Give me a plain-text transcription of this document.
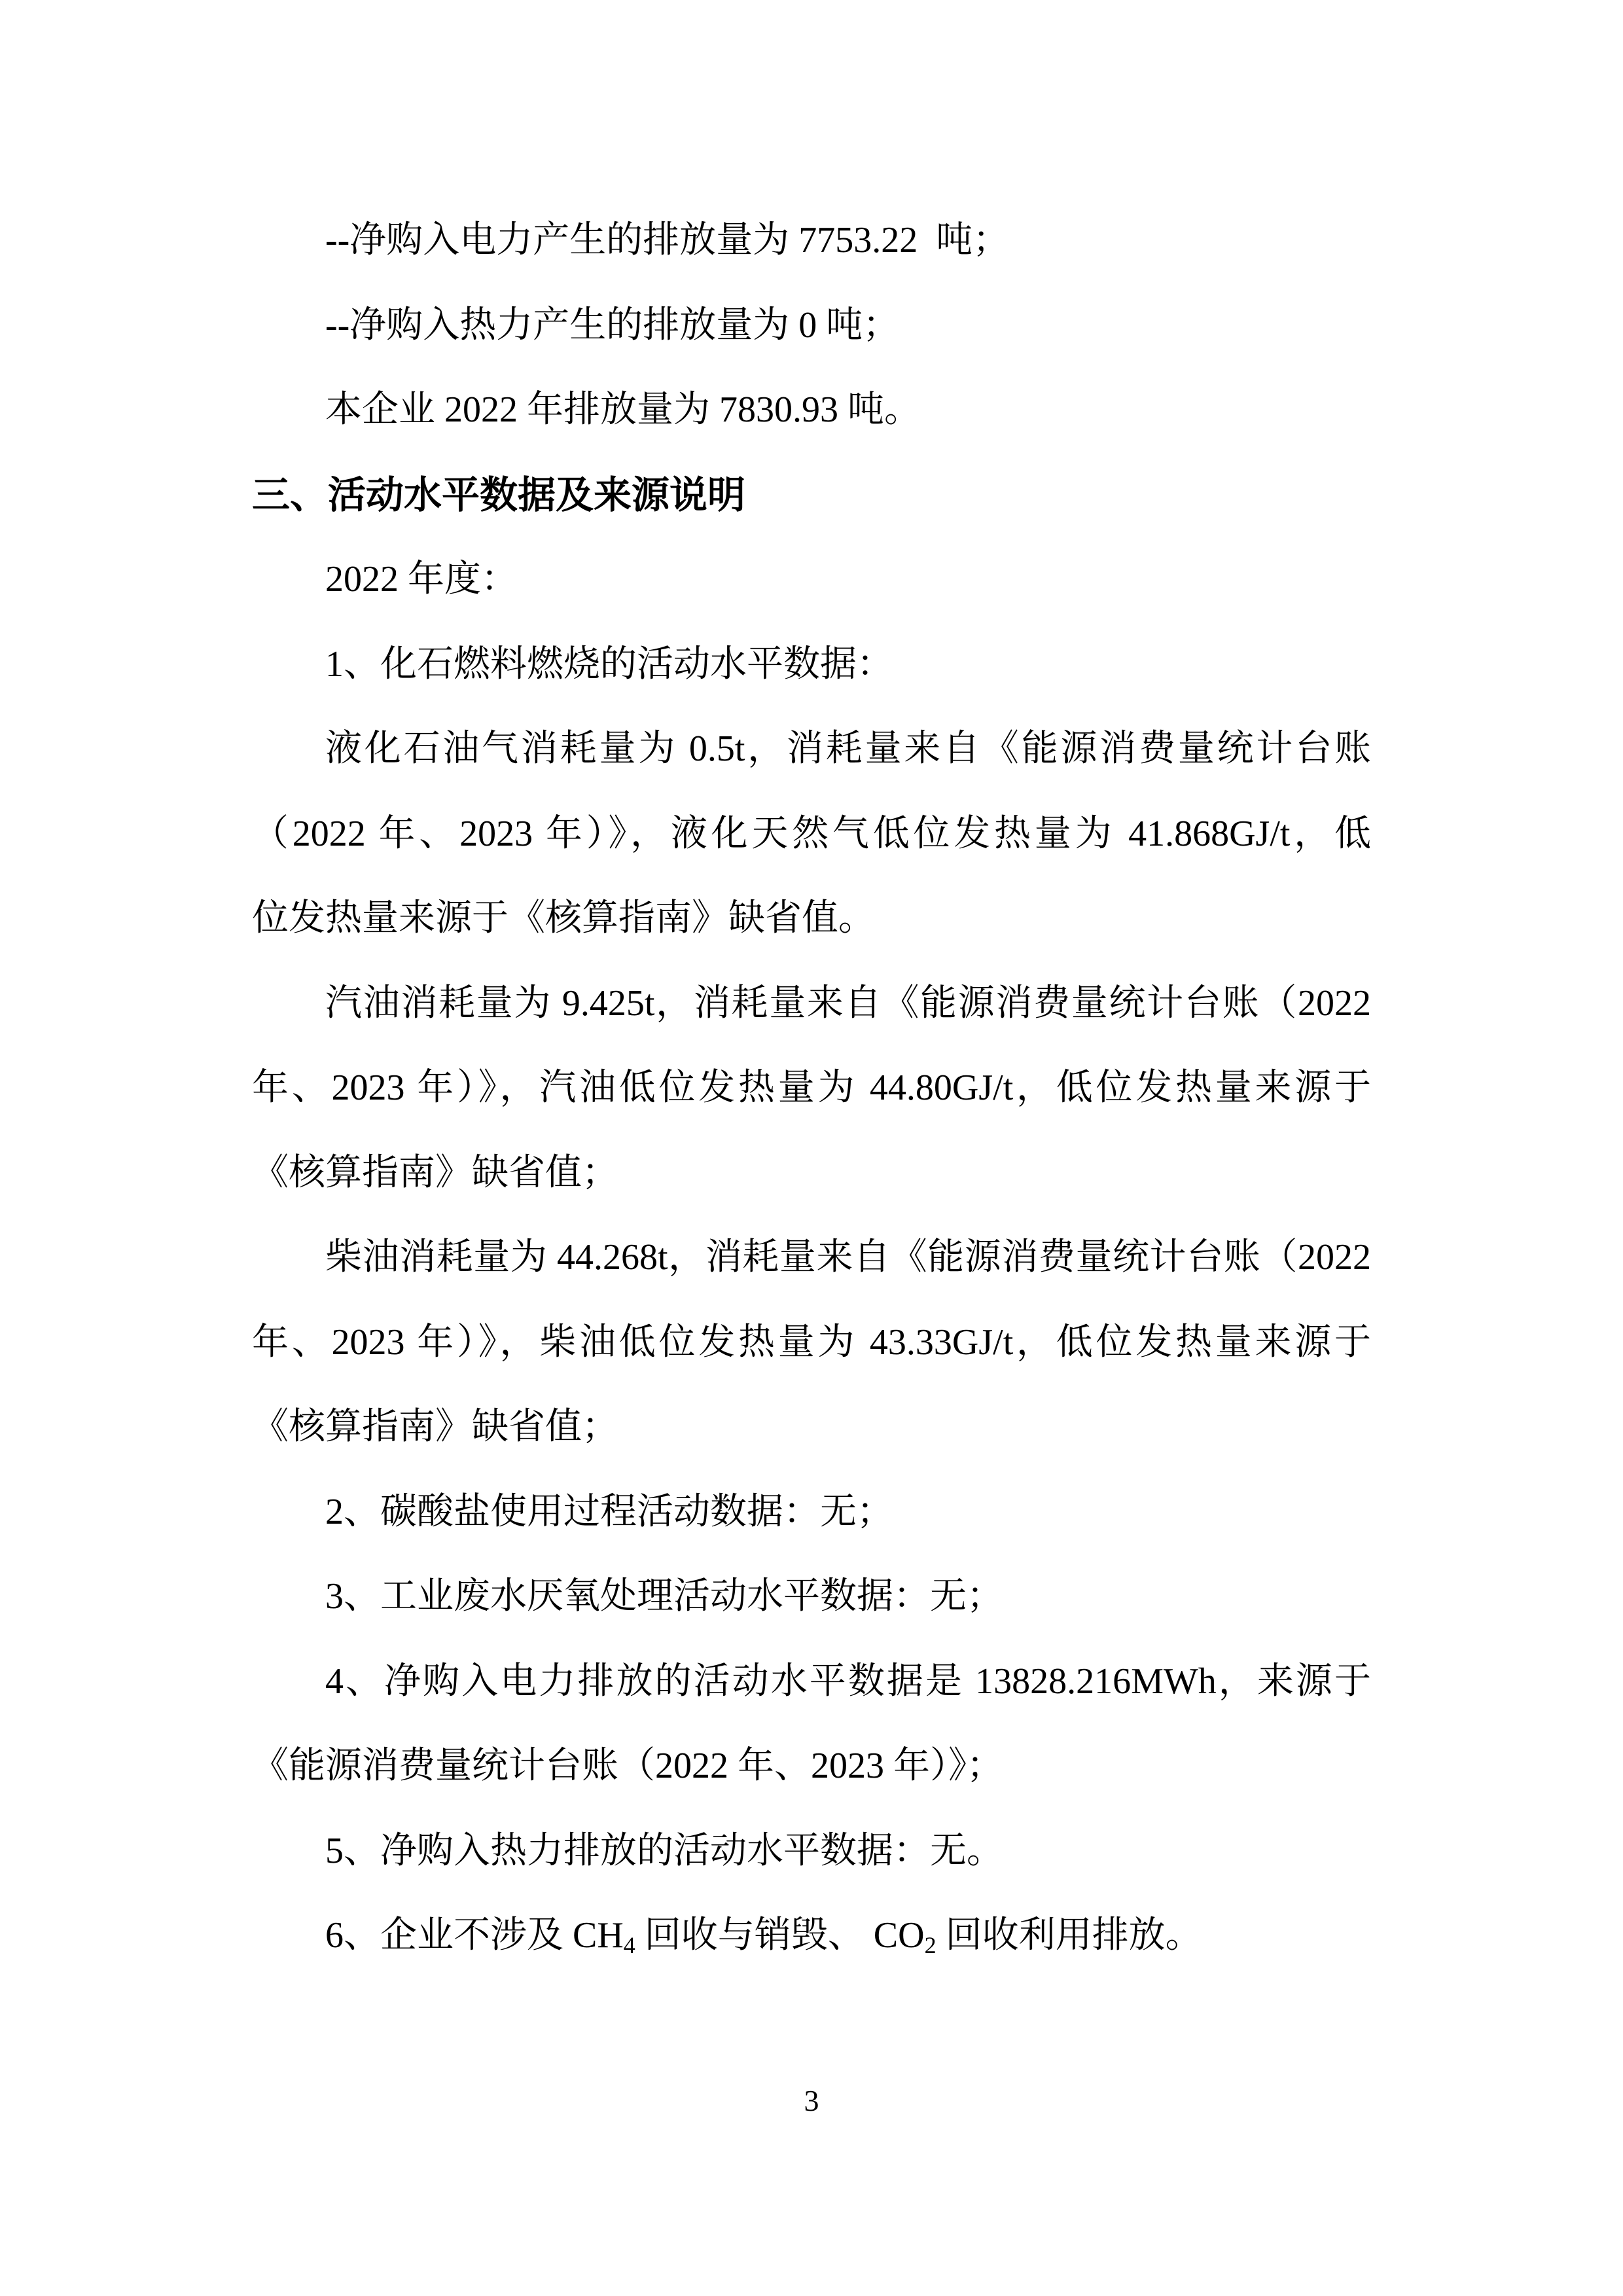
--净购入电力产生的排放量为 7753.22  吨；
--净购入热力产生的排放量为 0 吨；
本企业 2022 年排放量为 7830.93 吨。
三、活动水平数据及来源说明
2022 年度：
1、化石燃料燃烧的活动水平数据：
液化石油气消耗量为 0.5t，消耗量来自《能源消费量统计台账
（2022 年、2023 年）》，液化天然气低位发热量为 41.868GJ/t，低
位发热量来源于《核算指南》缺省值。
汽油消耗量为 9.425t，消耗量来自《能源消费量统计台账（2022
年、2023 年）》，汽油低位发热量为 44.80GJ/t，低位发热量来源于
《核算指南》缺省值；
柴油消耗量为 44.268t，消耗量来自《能源消费量统计台账（2022
年、2023 年）》，柴油低位发热量为 43.33GJ/t，低位发热量来源于
《核算指南》缺省值；
2、碳酸盐使用过程活动数据：无；
3、工业废水厌氧处理活动水平数据：无；
4、净购入电力排放的活动水平数据是 13828.216MWh，来源于
《能源消费量统计台账（2022 年、2023 年）》；
5、净购入热力排放的活动水平数据：无。
6、企业不涉及 $CH_4$ 回收与销毁、 $CO_2$ 回收利用排放。
3
